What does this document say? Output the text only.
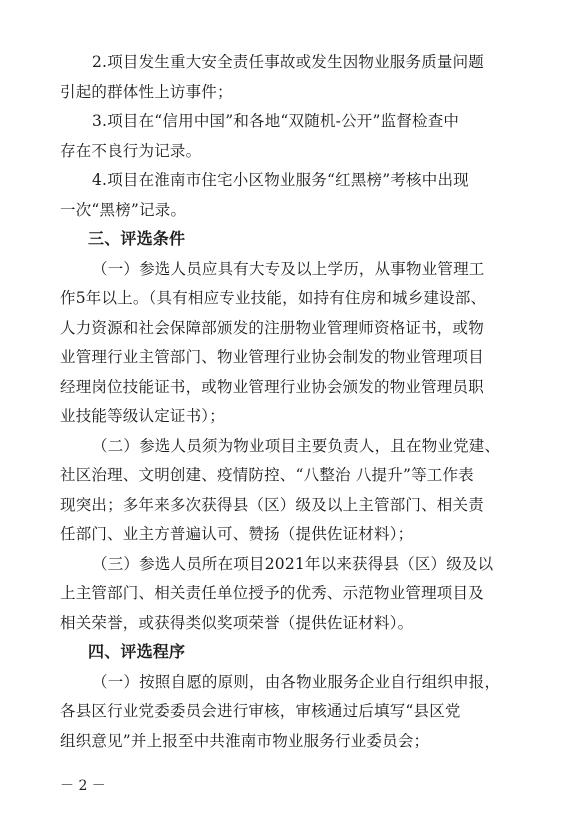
2.项目发生重大安全责任事故或发生因物业服务质量问题
引起的群体性上访事件；
3.项目在“信用中国”和各地“双随机-公开”监督检查中
存在不良行为记录。
4.项目在淮南市住宅小区物业服务“红黑榜”考核中出现
一次“黑榜”记录。
三、评选条件
（一）参选人员应具有大专及以上学历，从事物业管理工
作5年以上。（具有相应专业技能，如持有住房和城乡建设部、
人力资源和社会保障部颁发的注册物业管理师资格证书，或物
业管理行业主管部门、物业管理行业协会制发的物业管理项目
经理岗位技能证书，或物业管理行业协会颁发的物业管理员职
业技能等级认定证书）；
（二）参选人员须为物业项目主要负责人，且在物业党建、
社区治理、文明创建、疫情防控、“八整治 八提升”等工作表
现突出；多年来多次获得县（区）级及以上主管部门、相关责
任部门、业主方普遍认可、赞扬（提供佐证材料）；
（三）参选人员所在项目2021年以来获得县（区）级及以
上主管部门、相关责任单位授予的优秀、示范物业管理项目及
相关荣誉，或获得类似奖项荣誉（提供佐证材料）。
四、评选程序
－ 2 －
（一）按照自愿的原则，由各物业服务企业自行组织申报，
各县区行业党委委员会进行审核，审核通过后填写“县区党
组织意见”并上报至中共淮南市物业服务行业委员会；
